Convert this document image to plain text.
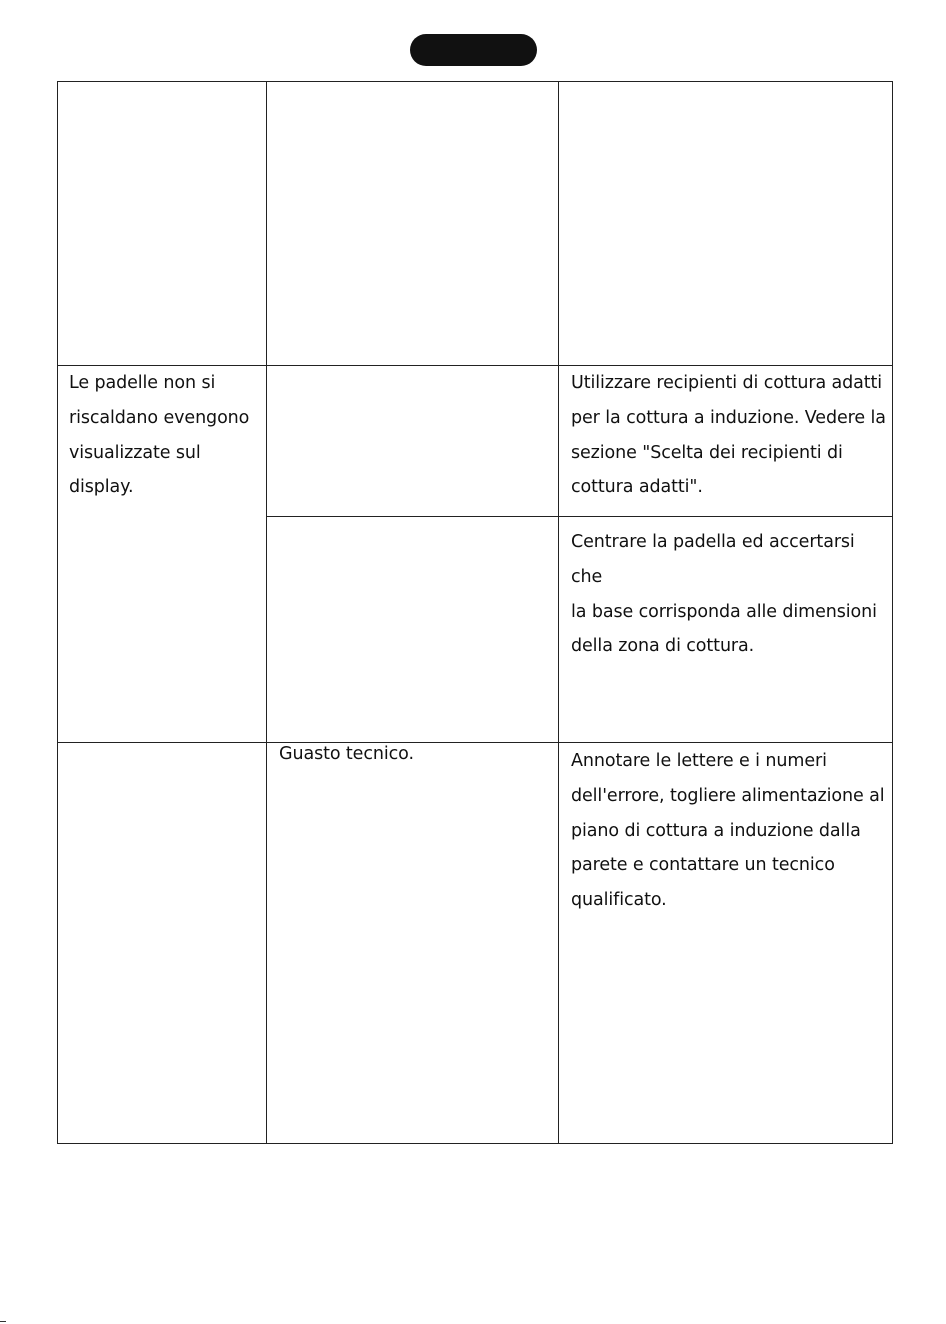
Le padelle non si
riscaldano evengono
visualizzate sul
display.

Utilizzare recipienti di cottura adatti
per la cottura a induzione. Vedere la
sezione "Scelta dei recipienti di
cottura adatti".

Centrare la padella ed accertarsi che
la base corrisponda alle dimensioni
della zona di cottura.

Guasto tecnico.	Annotare le lettere e i numeri
dell'errore, togliere alimentazione al
piano di cottura a induzione dalla
parete e contattare un tecnico
qualificato.
